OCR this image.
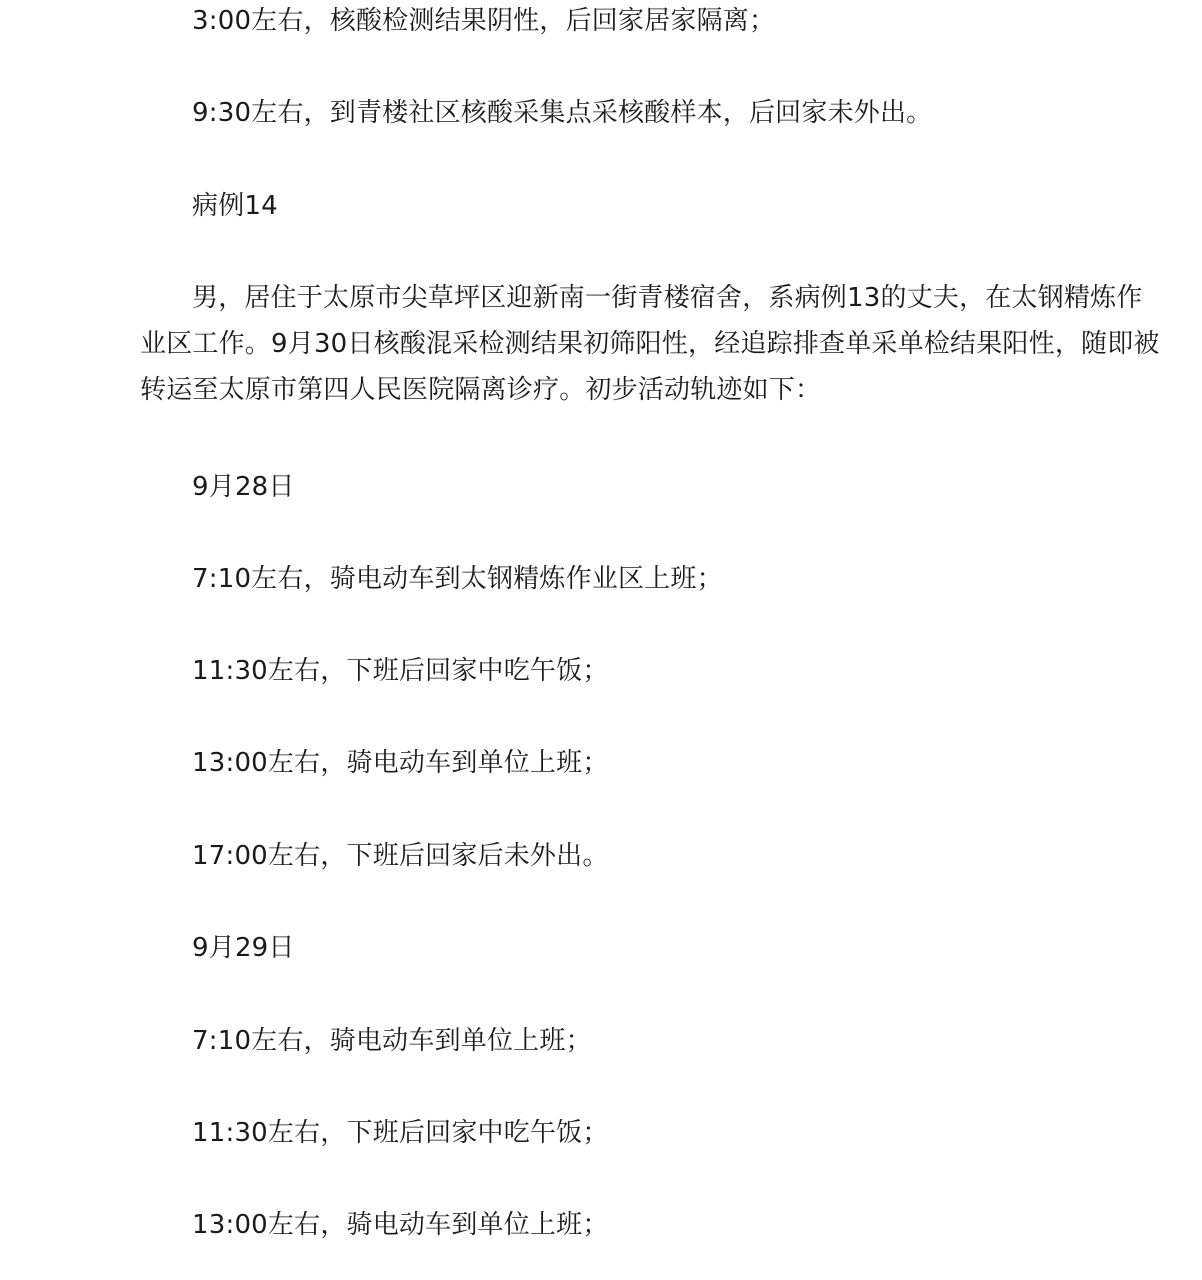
3:00左右，核酸检测结果阴性，后回家居家隔离；

9:30左右，到青楼社区核酸采集点采核酸样本，后回家未外出。

病例14

男，居住于太原市尖草坪区迎新南一街青楼宿舍，系病例13的丈夫，在太钢精炼作业区工作。9月30日核酸混采检测结果初筛阳性，经追踪排查单采单检结果阳性，随即被转运至太原市第四人民医院隔离诊疗。初步活动轨迹如下：

9月28日

7:10左右，骑电动车到太钢精炼作业区上班；

11:30左右，下班后回家中吃午饭；

13:00左右，骑电动车到单位上班；

17:00左右，下班后回家后未外出。

9月29日

7:10左右，骑电动车到单位上班；

11:30左右，下班后回家中吃午饭；

13:00左右，骑电动车到单位上班；
